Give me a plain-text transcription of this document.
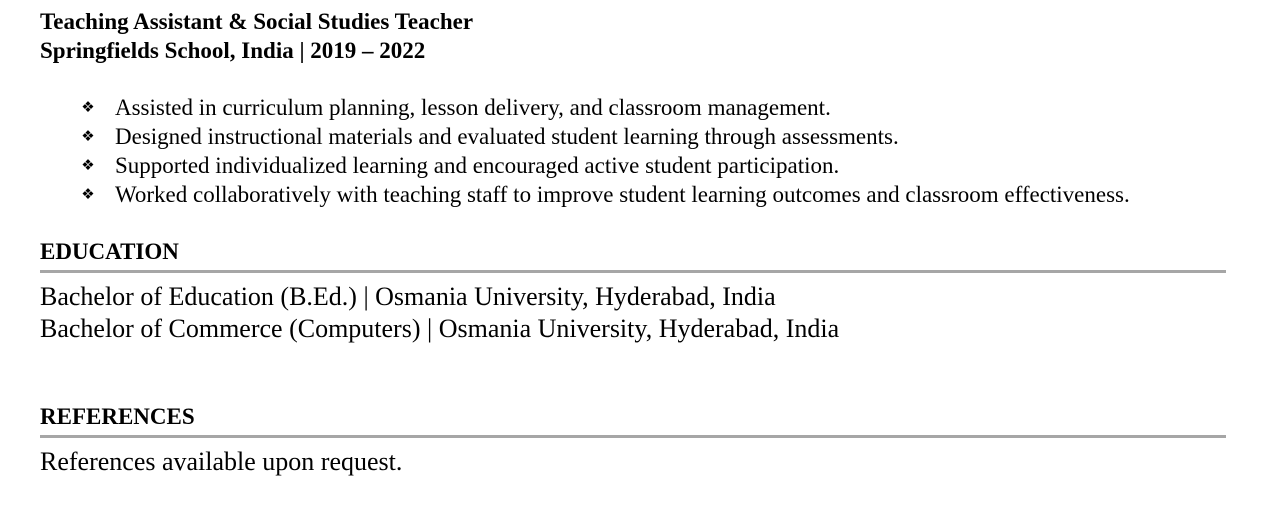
Teaching Assistant & Social Studies Teacher
Springfields School, India | 2019 – 2022
❖ Assisted in curriculum planning, lesson delivery, and classroom management.
❖ Designed instructional materials and evaluated student learning through assessments.
❖ Supported individualized learning and encouraged active student participation.
❖ Worked collaboratively with teaching staff to improve student learning outcomes and classroom effectiveness.
EDUCATION
Bachelor of Education (B.Ed.) | Osmania University, Hyderabad, India
Bachelor of Commerce (Computers) | Osmania University, Hyderabad, India
REFERENCES
References available upon request.
